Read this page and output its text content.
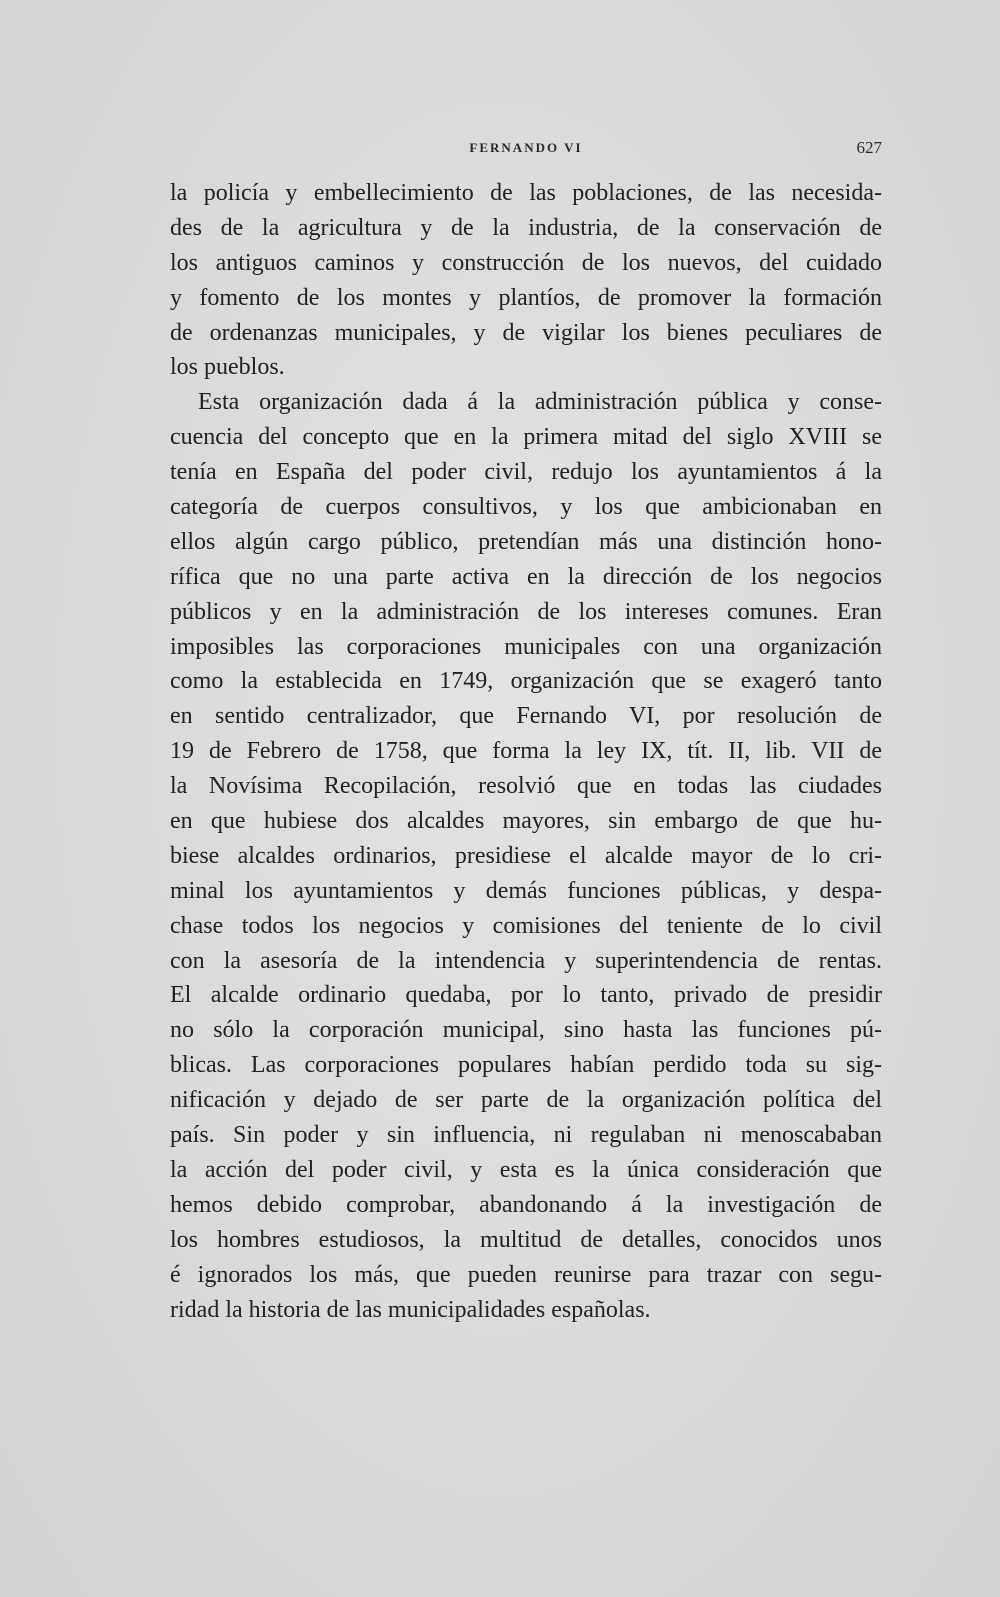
FERNANDO VI	627
la policía y embellecimiento de las poblaciones, de las necesida-
des de la agricultura y de la industria, de la conservación de
los antiguos caminos y construcción de los nuevos, del cuidado
y fomento de los montes y plantíos, de promover la formación
de ordenanzas municipales, y de vigilar los bienes peculiares de
los pueblos.
Esta organización dada á la administración pública y conse-
cuencia del concepto que en la primera mitad del siglo XVIII se
tenía en España del poder civil, redujo los ayuntamientos á la
categoría de cuerpos consultivos, y los que ambicionaban en
ellos algún cargo público, pretendían más una distinción hono-
rífica que no una parte activa en la dirección de los negocios
públicos y en la administración de los intereses comunes. Eran
imposibles las corporaciones municipales con una organización
como la establecida en 1749, organización que se exageró tanto
en sentido centralizador, que Fernando VI, por resolución de
19 de Febrero de 1758, que forma la ley IX, tít. II, lib. VII de
la Novísima Recopilación, resolvió que en todas las ciudades
en que hubiese dos alcaldes mayores, sin embargo de que hu-
biese alcaldes ordinarios, presidiese el alcalde mayor de lo cri-
minal los ayuntamientos y demás funciones públicas, y despa-
chase todos los negocios y comisiones del teniente de lo civil
con la asesoría de la intendencia y superintendencia de rentas.
El alcalde ordinario quedaba, por lo tanto, privado de presidir
no sólo la corporación municipal, sino hasta las funciones pú-
blicas. Las corporaciones populares habían perdido toda su sig-
nificación y dejado de ser parte de la organización política del
país. Sin poder y sin influencia, ni regulaban ni menoscababan
la acción del poder civil, y esta es la única consideración que
hemos debido comprobar, abandonando á la investigación de
los hombres estudiosos, la multitud de detalles, conocidos unos
é ignorados los más, que pueden reunirse para trazar con segu-
ridad la historia de las municipalidades españolas.
